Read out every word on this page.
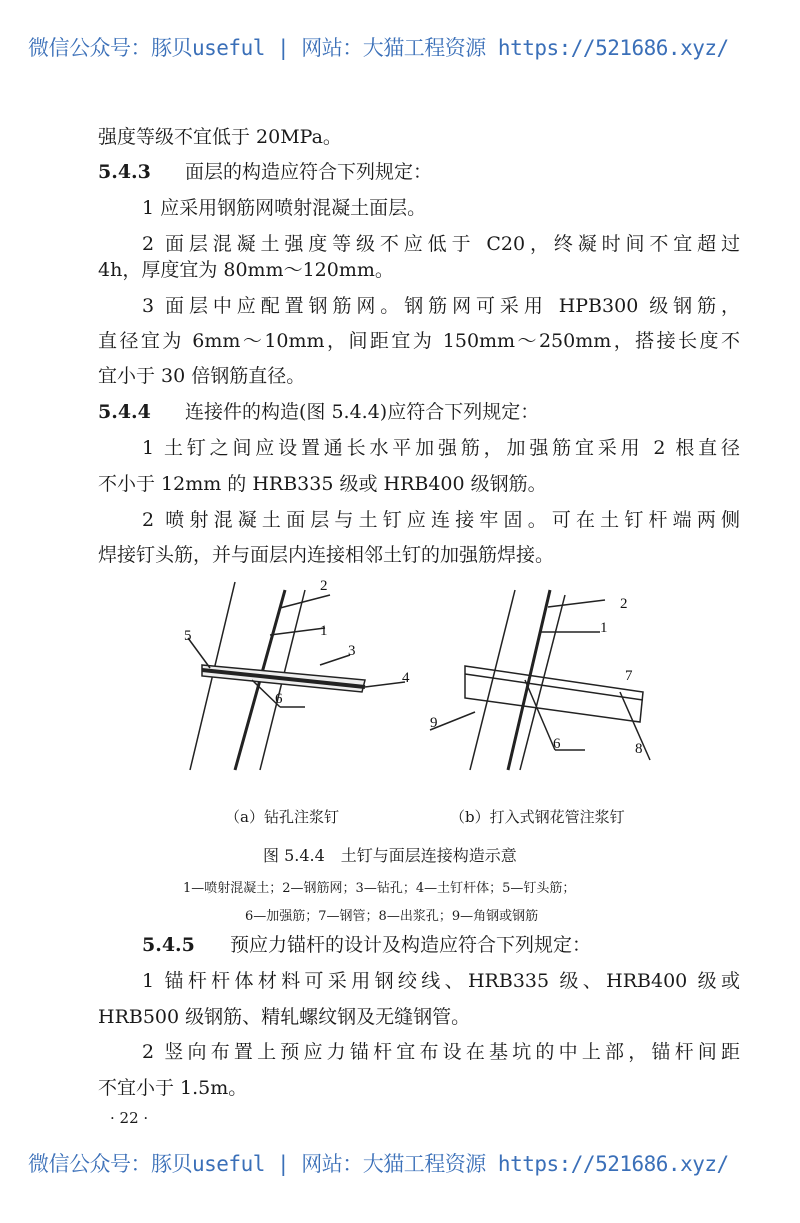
微信公众号：豚贝useful | 网站：大猫工程资源 https://521686.xyz/
强度等级不宜低于 20MPa。
5.4.3 面层的构造应符合下列规定：
1 应采用钢筋网喷射混凝土面层。
2 面层混凝土强度等级不应低于 C20，终凝时间不宜超过
4h，厚度宜为 80mm～120mm。
3 面层中应配置钢筋网。钢筋网可采用 HPB300 级钢筋，
直径宜为 6mm～10mm，间距宜为 150mm～250mm，搭接长度不
宜小于 30 倍钢筋直径。
5.4.4 连接件的构造(图 5.4.4)应符合下列规定：
1 土钉之间应设置通长水平加强筋，加强筋宜采用 2 根直径
不小于 12mm 的 HRB335 级或 HRB400 级钢筋。
2 喷射混凝土面层与土钉应连接牢固。可在土钉杆端两侧
焊接钉头筋，并与面层内连接相邻土钉的加强筋焊接。
2
1
3
4
5
6
2
1
6
7
8
9
（a）钻孔注浆钉	（b）打入式钢花管注浆钉
图 5.4.4　土钉与面层连接构造示意
1—喷射混凝土；2—钢筋网；3—钻孔；4—土钉杆体；5—钉头筋；
6—加强筋；7—钢管；8—出浆孔；9—角钢或钢筋
5.4.5 预应力锚杆的设计及构造应符合下列规定：
1 锚杆杆体材料可采用钢绞线、HRB335 级、HRB400 级或
HRB500 级钢筋、精轧螺纹钢及无缝钢管。
2 竖向布置上预应力锚杆宜布设在基坑的中上部，锚杆间距
不宜小于 1.5m。
· 22 ·
微信公众号：豚贝useful | 网站：大猫工程资源 https://521686.xyz/
